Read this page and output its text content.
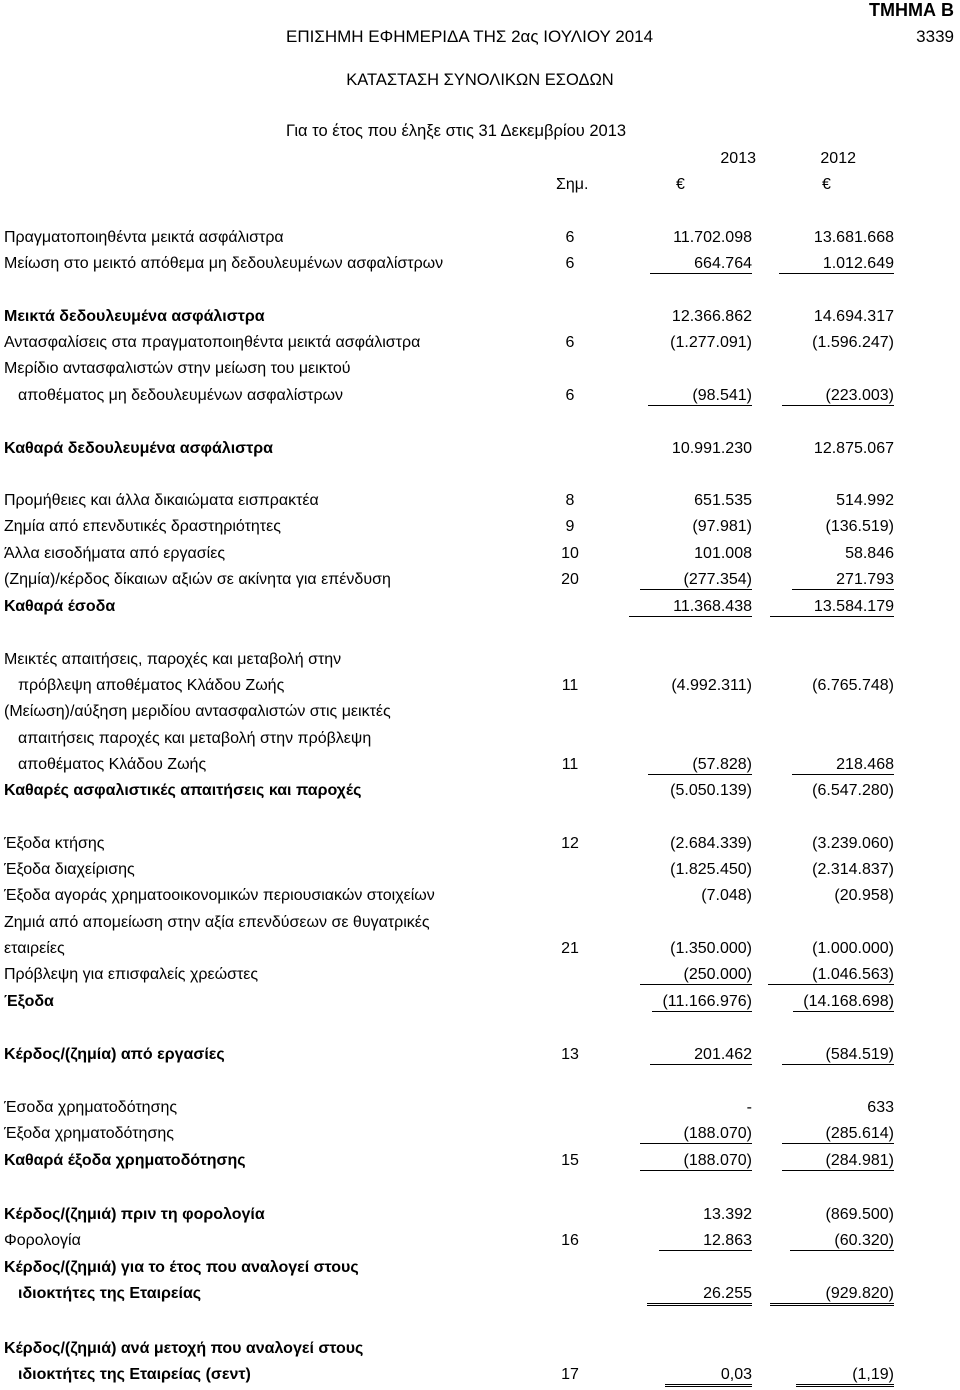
ΤΜΗΜΑ Β
ΕΠΙΣΗΜΗ ΕΦΗΜΕΡΙΔΑ ΤΗΣ 2ας ΙΟΥΛΙΟΥ 2014	3339
ΚΑΤΑΣΤΑΣΗ ΣΥΝΟΛΙΚΩΝ ΕΣΟΔΩΝ
Για το έτος που έληξε στις 31 Δεκεμβρίου 2013
2013	2012
Σημ.	€	€
Πραγματοποιηθέντα μεικτά ασφάλιστρα	6	11.702.098	13.681.668
Μείωση στο μεικτό απόθεμα μη δεδουλευμένων ασφαλίστρων	6	664.764	1.012.649
Μεικτά δεδουλευμένα ασφάλιστρα	12.366.862	14.694.317
Αντασφαλίσεις στα πραγματοποιηθέντα μεικτά ασφάλιστρα	6	(1.277.091)	(1.596.247)
Μερίδιο αντασφαλιστών στην μείωση του μεικτού
αποθέματος μη δεδουλευμένων ασφαλίστρων	6	(98.541)	(223.003)
Καθαρά δεδουλευμένα ασφάλιστρα	10.991.230	12.875.067
Προμήθειες και άλλα δικαιώματα εισπρακτέα	8	651.535	514.992
Ζημία από επενδυτικές δραστηριότητες	9	(97.981)	(136.519)
Άλλα εισοδήματα από εργασίες	10	101.008	58.846
(Ζημία)/κέρδος δίκαιων αξιών σε ακίνητα για επένδυση	20	(277.354)	271.793
Καθαρά έσοδα	11.368.438	13.584.179
Μεικτές απαιτήσεις, παροχές και μεταβολή στην
πρόβλεψη αποθέματος Κλάδου Ζωής	11	(4.992.311)	(6.765.748)
(Μείωση)/αύξηση μεριδίου αντασφαλιστών στις μεικτές
απαιτήσεις παροχές και μεταβολή στην πρόβλεψη
αποθέματος Κλάδου Ζωής	11	(57.828)	218.468
Καθαρές ασφαλιστικές απαιτήσεις και παροχές	(5.050.139)	(6.547.280)
Έξοδα κτήσης	12	(2.684.339)	(3.239.060)
Έξοδα διαχείρισης	(1.825.450)	(2.314.837)
Έξοδα αγοράς χρηματοοικονομικών περιουσιακών στοιχείων	(7.048)	(20.958)
Ζημιά από απομείωση στην αξία επενδύσεων σε θυγατρικές
εταιρείες	21	(1.350.000)	(1.000.000)
Πρόβλεψη για επισφαλείς χρεώστες	(250.000)	(1.046.563)
Έξοδα	(11.166.976)	(14.168.698)
Κέρδος/(ζημία) από εργασίες	13	201.462	(584.519)
Έσοδα χρηματοδότησης	-	633
Έξοδα χρηματοδότησης	(188.070)	(285.614)
Καθαρά έξοδα χρηματοδότησης	15	(188.070)	(284.981)
Κέρδος/(ζημιά) πριν τη φορολογία	13.392	(869.500)
Φορολογία	16	12.863	(60.320)
Κέρδος/(ζημιά) για το έτος που αναλογεί στους
ιδιοκτήτες της Εταιρείας	26.255	(929.820)
Κέρδος/(ζημιά) ανά μετοχή που αναλογεί στους
ιδιοκτήτες της Εταιρείας (σεντ)	17	0,03	(1,19)
